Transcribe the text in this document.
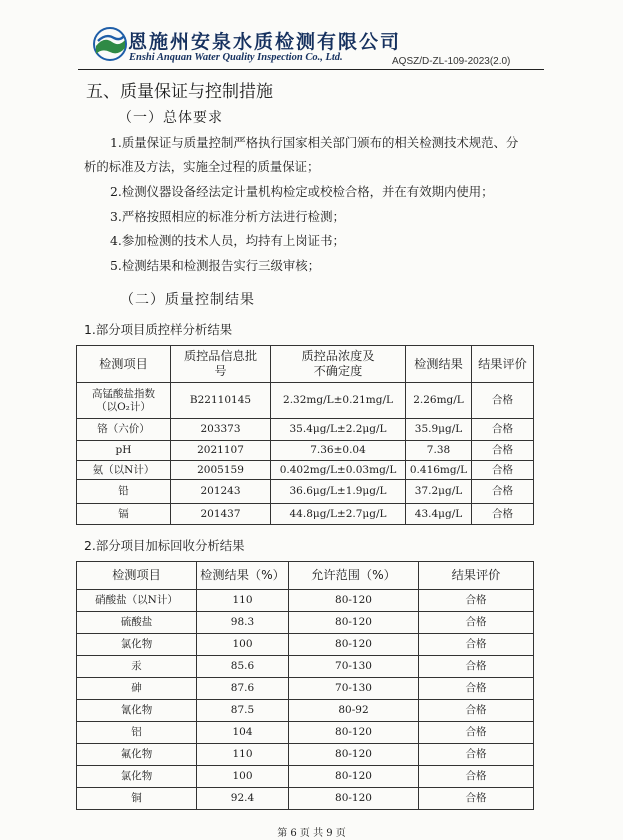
恩施州安泉水质检测有限公司
Enshi Anquan Water Quality Inspection Co., Ltd.	AQSZ/D-ZL-109-2023(2.0)
五、质量保证与控制措施
（一）总体要求
1.质量保证与质量控制严格执行国家相关部门颁布的相关检测技术规范、分
析的标准及方法，实施全过程的质量保证；
2.检测仪器设备经法定计量机构检定或校检合格，并在有效期内使用；
3.严格按照相应的标准分析方法进行检测；
4.参加检测的技术人员，均持有上岗证书；
5.检测结果和检测报告实行三级审核；
（二）质量控制结果
1.部分项目质控样分析结果
检测项目	质控品信息批号	质控品浓度及不确定度	检测结果	结果评价
高锰酸盐指数（以O₂计）	B22110145	2.32mg/L±0.21mg/L	2.26mg/L	合格
铬（六价）	203373	35.4μg/L±2.2μg/L	35.9μg/L	合格
pH	2021107	7.36±0.04	7.38	合格
氨（以N计）	2005159	0.402mg/L±0.03mg/L	0.416mg/L	合格
铅	201243	36.6μg/L±1.9μg/L	37.2μg/L	合格
镉	201437	44.8μg/L±2.7μg/L	43.4μg/L	合格
2.部分项目加标回收分析结果
检测项目	检测结果（%）	允许范围（%）	结果评价
硝酸盐（以N计）	110	80-120	合格
硫酸盐	98.3	80-120	合格
氯化物	100	80-120	合格
汞	85.6	70-130	合格
砷	87.6	70-130	合格
氰化物	87.5	80-92	合格
铝	104	80-120	合格
氟化物	110	80-120	合格
氯化物	100	80-120	合格
铜	92.4	80-120	合格
第 6 页 共 9 页
